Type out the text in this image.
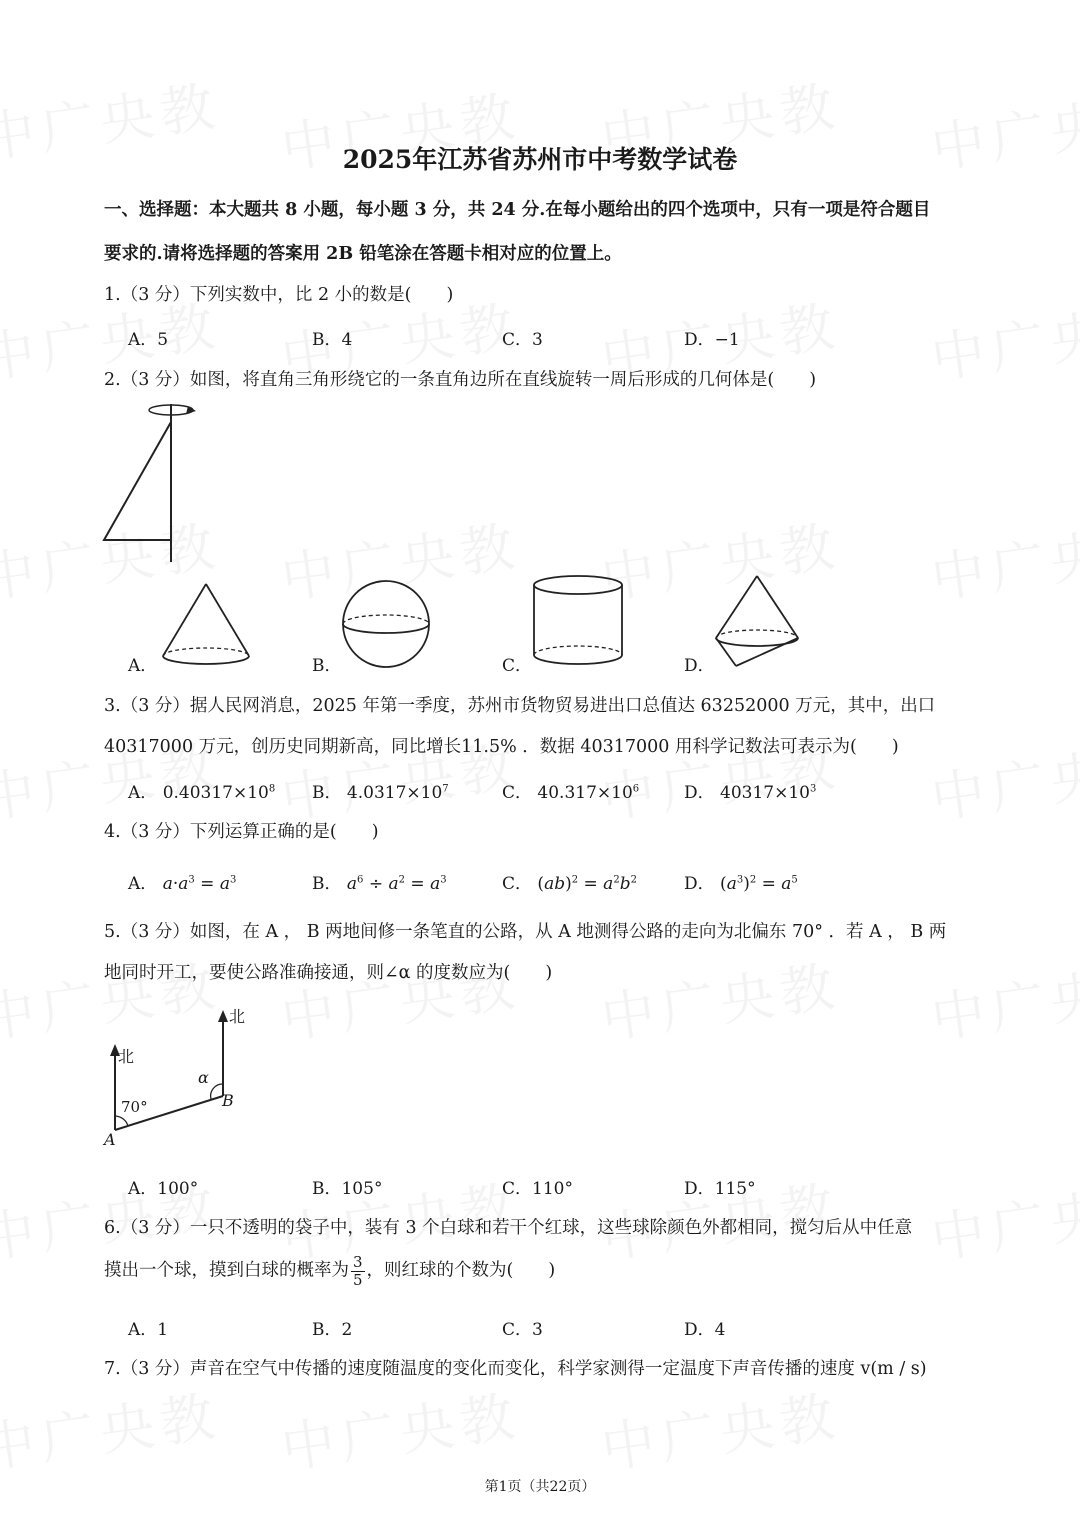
2025年江苏省苏州市中考数学试卷
一、选择题：本大题共 8 小题，每小题 3 分，共 24 分.在每小题给出的四个选项中，只有一项是符合题目
要求的.请将选择题的答案用 2B 铅笔涂在答题卡相对应的位置上。
1.（3 分）下列实数中，比 2 小的数是(　　)
A．5	B．4	C．3	D．−1
2.（3 分）如图，将直角三角形绕它的一条直角边所在直线旋转一周后形成的几何体是(　　)
A．	B．	C．	D．
3.（3 分）据人民网消息，2025 年第一季度，苏州市货物贸易进出口总值达 63252000 万元，其中，出口
40317000 万元，创历史同期新高，同比增长11.5% ．数据 40317000 用科学记数法可表示为(　　)
A． $0.40317\times 10^8$ B． $4.0317\times 10^7$	C． $40.317\times 10^6$	D． $40317\times 10^3$
4.（3 分）下列运算正确的是(　　)
A． $a\cdot a^3 = a^3$	B． $a^6 \div a^2 = a^3$	C． $(ab)^2 = a^2b^2$	D． $(a^3)^2 = a^5$
5.（3 分）如图，在 A ， B 两地间修一条笔直的公路，从 A 地测得公路的走向为北偏东 70° ．若 A ， B 两
地同时开工，要使公路准确接通，则∠α 的度数应为(　　)
北
北
70°
α
A
B
A．100°	B．105°	C．110°	D．115°
6.（3 分）一只不透明的袋子中，装有 3 个白球和若干个红球，这些球除颜色外都相同，搅匀后从中任意
摸出一个球，摸到白球的概率为 $\frac{3}{5}$ ，则红球的个数为(　　)
A．1	B．2	C．3	D．4
7.（3 分）声音在空气中传播的速度随温度的变化而变化，科学家测得一定温度下声音传播的速度 v(m / s)
第1页（共22页）
